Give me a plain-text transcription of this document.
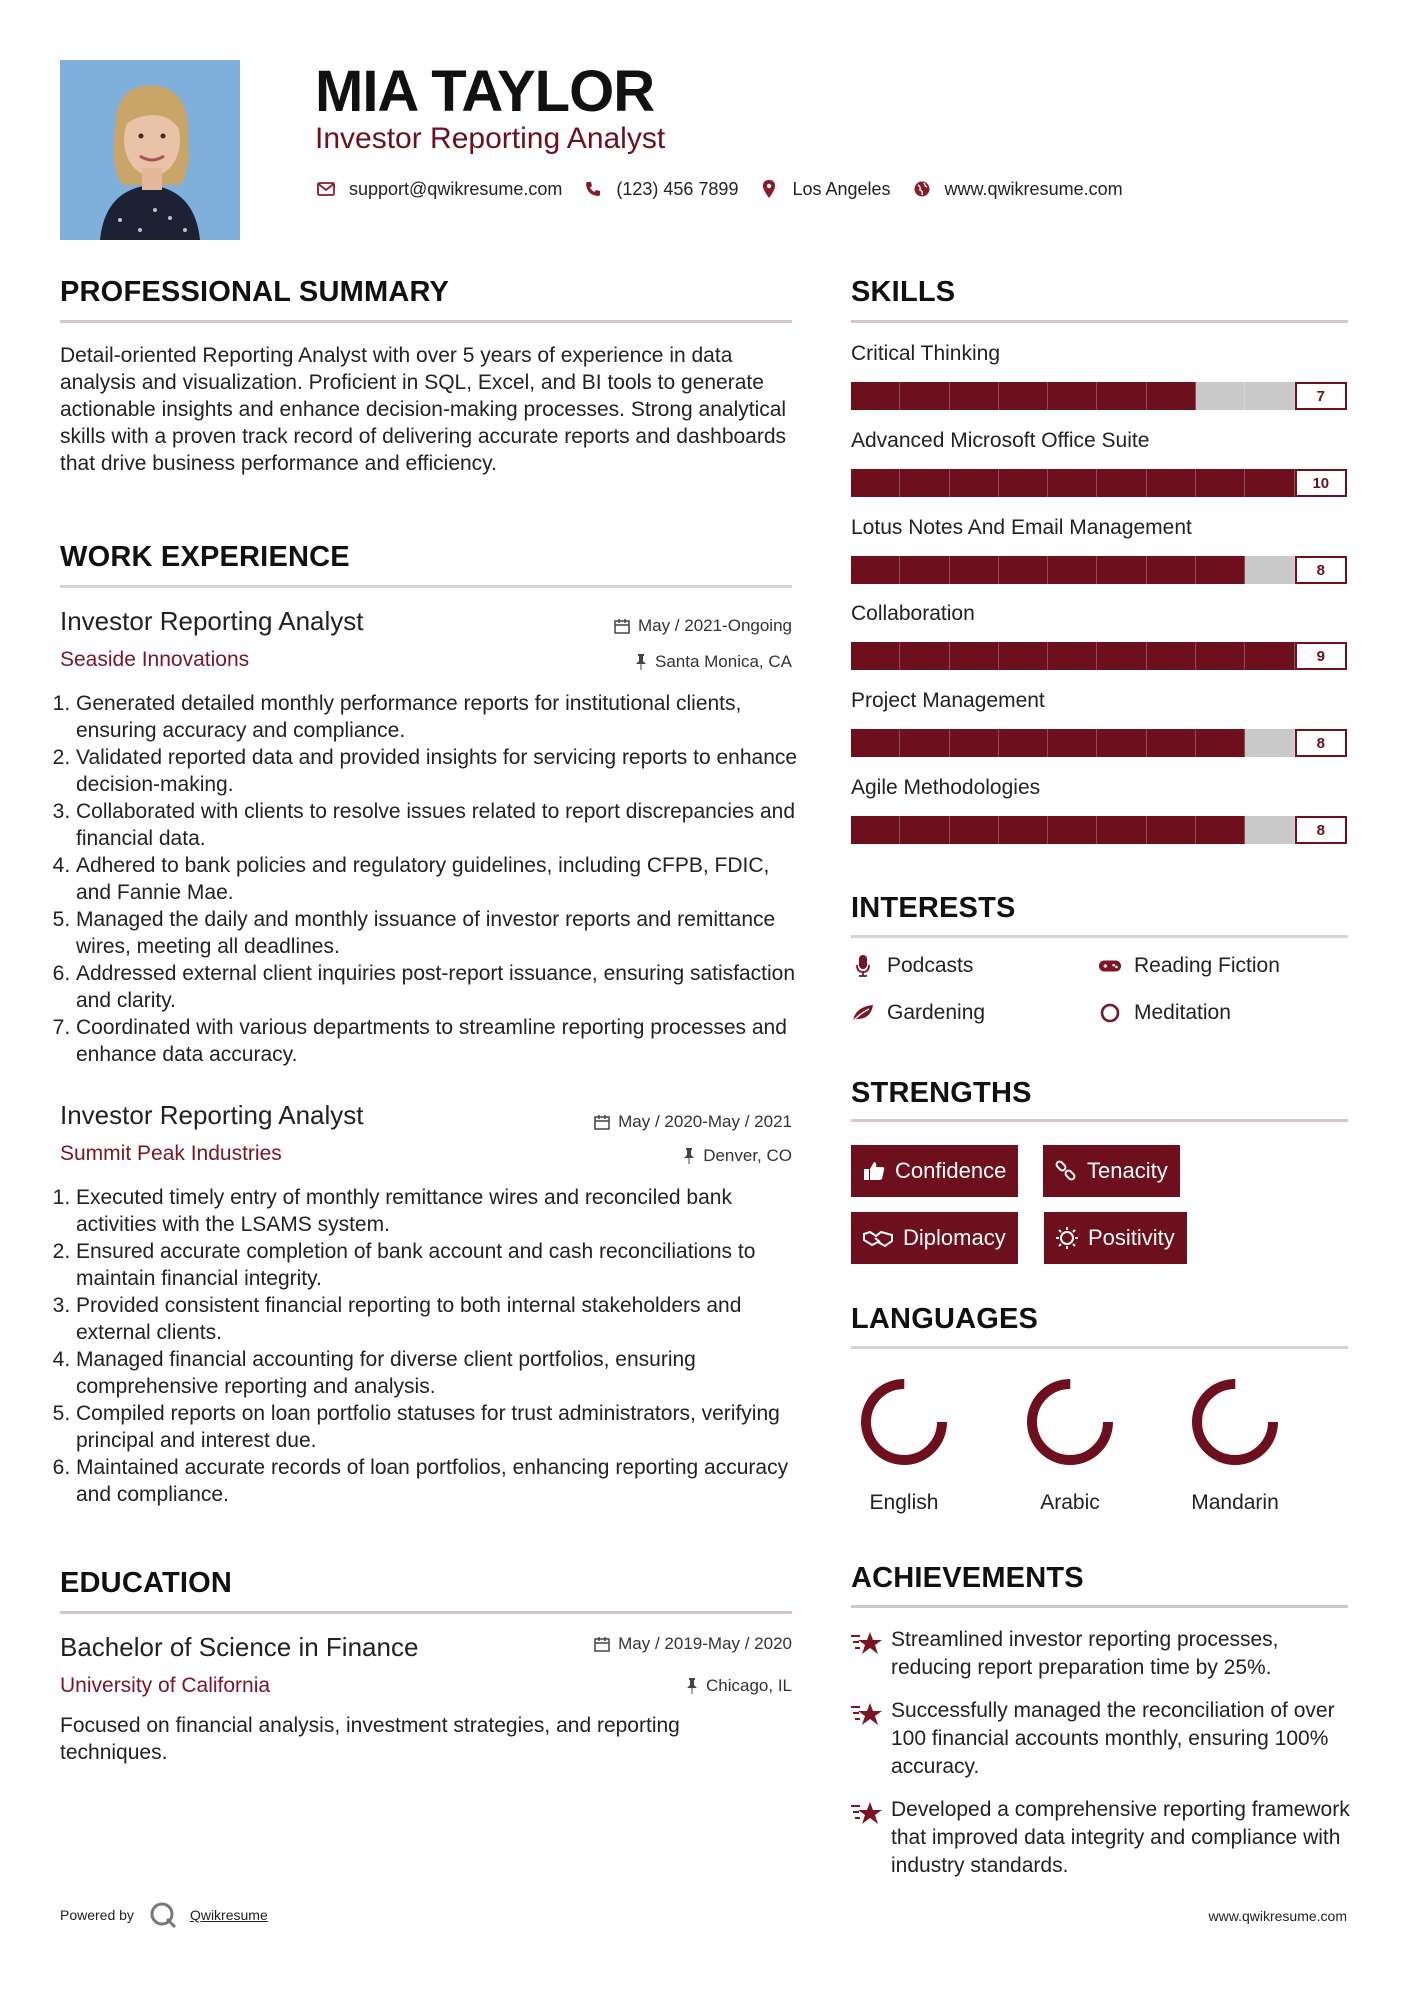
MIA TAYLOR
Investor Reporting Analyst
support@qwikresume.com	(123) 456 7899	Los Angeles	www.qwikresume.com
PROFESSIONAL SUMMARY
Detail-oriented Reporting Analyst with over 5 years of experience in data analysis and visualization. Proficient in SQL, Excel, and BI tools to generate actionable insights and enhance decision-making processes. Strong analytical skills with a proven track record of delivering accurate reports and dashboards that drive business performance and efficiency.
WORK EXPERIENCE
Investor Reporting Analyst
Seaside Innovations
May / 2021-Ongoing
Santa Monica, CA
1. Generated detailed monthly performance reports for institutional clients, ensuring accuracy and compliance.
2. Validated reported data and provided insights for servicing reports to enhance decision-making.
3. Collaborated with clients to resolve issues related to report discrepancies and financial data.
4. Adhered to bank policies and regulatory guidelines, including CFPB, FDIC, and Fannie Mae.
5. Managed the daily and monthly issuance of investor reports and remittance wires, meeting all deadlines.
6. Addressed external client inquiries post-report issuance, ensuring satisfaction and clarity.
7. Coordinated with various departments to streamline reporting processes and enhance data accuracy.
Investor Reporting Analyst
Summit Peak Industries
May / 2020-May / 2021
Denver, CO
1. Executed timely entry of monthly remittance wires and reconciled bank activities with the LSAMS system.
2. Ensured accurate completion of bank account and cash reconciliations to maintain financial integrity.
3. Provided consistent financial reporting to both internal stakeholders and external clients.
4. Managed financial accounting for diverse client portfolios, ensuring comprehensive reporting and analysis.
5. Compiled reports on loan portfolio statuses for trust administrators, verifying principal and interest due.
6. Maintained accurate records of loan portfolios, enhancing reporting accuracy and compliance.
EDUCATION
Bachelor of Science in Finance
University of California
May / 2019-May / 2020
Chicago, IL
Focused on financial analysis, investment strategies, and reporting techniques.
SKILLS
Critical Thinking
7
Advanced Microsoft Office Suite
10
Lotus Notes And Email Management
8
Collaboration
9
Project Management
8
Agile Methodologies
8
INTERESTS
Podcasts	Reading Fiction
Gardening	Meditation
STRENGTHS
Confidence	Tenacity
Diplomacy	Positivity
LANGUAGES
English	Arabic	Mandarin
ACHIEVEMENTS
Streamlined investor reporting processes, reducing report preparation time by 25%.
Successfully managed the reconciliation of over 100 financial accounts monthly, ensuring 100% accuracy.
Developed a comprehensive reporting framework that improved data integrity and compliance with industry standards.
Powered by	Qwikresume	www.qwikresume.com
